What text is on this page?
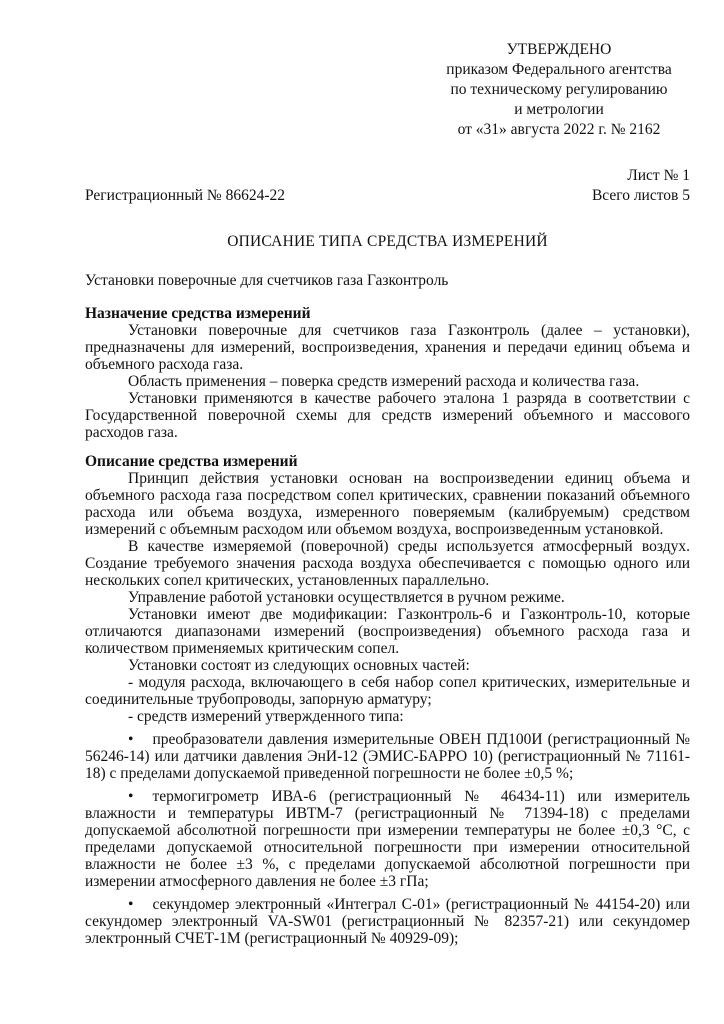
УТВЕРЖДЕНО
приказом Федерального агентства
по техническому регулированию
и метрологии
от «31» августа 2022 г. № 2162
Лист № 1
Регистрационный № 86624-22	Всего листов 5
ОПИСАНИЕ ТИПА СРЕДСТВА ИЗМЕРЕНИЙ
Установки поверочные для счетчиков газа Газконтроль
Назначение средства измерений

Установки поверочные для счетчиков газа Газконтроль (далее – установки), предназначены для измерений, воспроизведения, хранения и передачи единиц объема и объемного расхода газа.

Область применения – поверка средств измерений расхода и количества газа.

Установки применяются в качестве рабочего эталона 1 разряда в соответствии с Государственной поверочной схемы для средств измерений объемного и массового расходов газа.

Описание средства измерений

Принцип действия установки основан на воспроизведении единиц объема и объемного расхода газа посредством сопел критических, сравнении показаний объемного расхода или объема воздуха, измеренного поверяемым (калибруемым) средством измерений с объемным расходом или объемом воздуха, воспроизведенным установкой.

В качестве измеряемой (поверочной) среды используется атмосферный воздух. Создание требуемого значения расхода воздуха обеспечивается с помощью одного или нескольких сопел критических, установленных параллельно.

Управление работой установки осуществляется в ручном режиме.

Установки имеют две модификации: Газконтроль-6 и Газконтроль-10, которые отличаются диапазонами измерений (воспроизведения) объемного расхода газа и количеством применяемых критическим сопел.

Установки состоят из следующих основных частей:

- модуля расхода, включающего в себя набор сопел критических, измерительные и соединительные трубопроводы, запорную арматуру;

- средств измерений утвержденного типа:

• преобразователи давления измерительные ОВЕН ПД100И (регистрационный № 56246-14) или датчики давления ЭнИ-12 (ЭМИС-БАРРО 10) (регистрационный № 71161-18) с пределами допускаемой приведенной погрешности не более ±0,5 %;

• термогигрометр ИВА-6 (регистрационный № 46434-11) или измеритель влажности и температуры ИВТМ-7 (регистрационный № 71394-18) с пределами допускаемой абсолютной погрешности при измерении температуры не более ±0,3 °С, с пределами допускаемой относительной погрешности при измерении относительной влажности не более ±3 %, с пределами допускаемой абсолютной погрешности при измерении атмосферного давления не более ±3 гПа;

• секундомер электронный «Интеграл С-01» (регистрационный № 44154-20) или секундомер электронный VA-SW01 (регистрационный № 82357-21) или секундомер электронный СЧЕТ-1М (регистрационный № 40929-09);
